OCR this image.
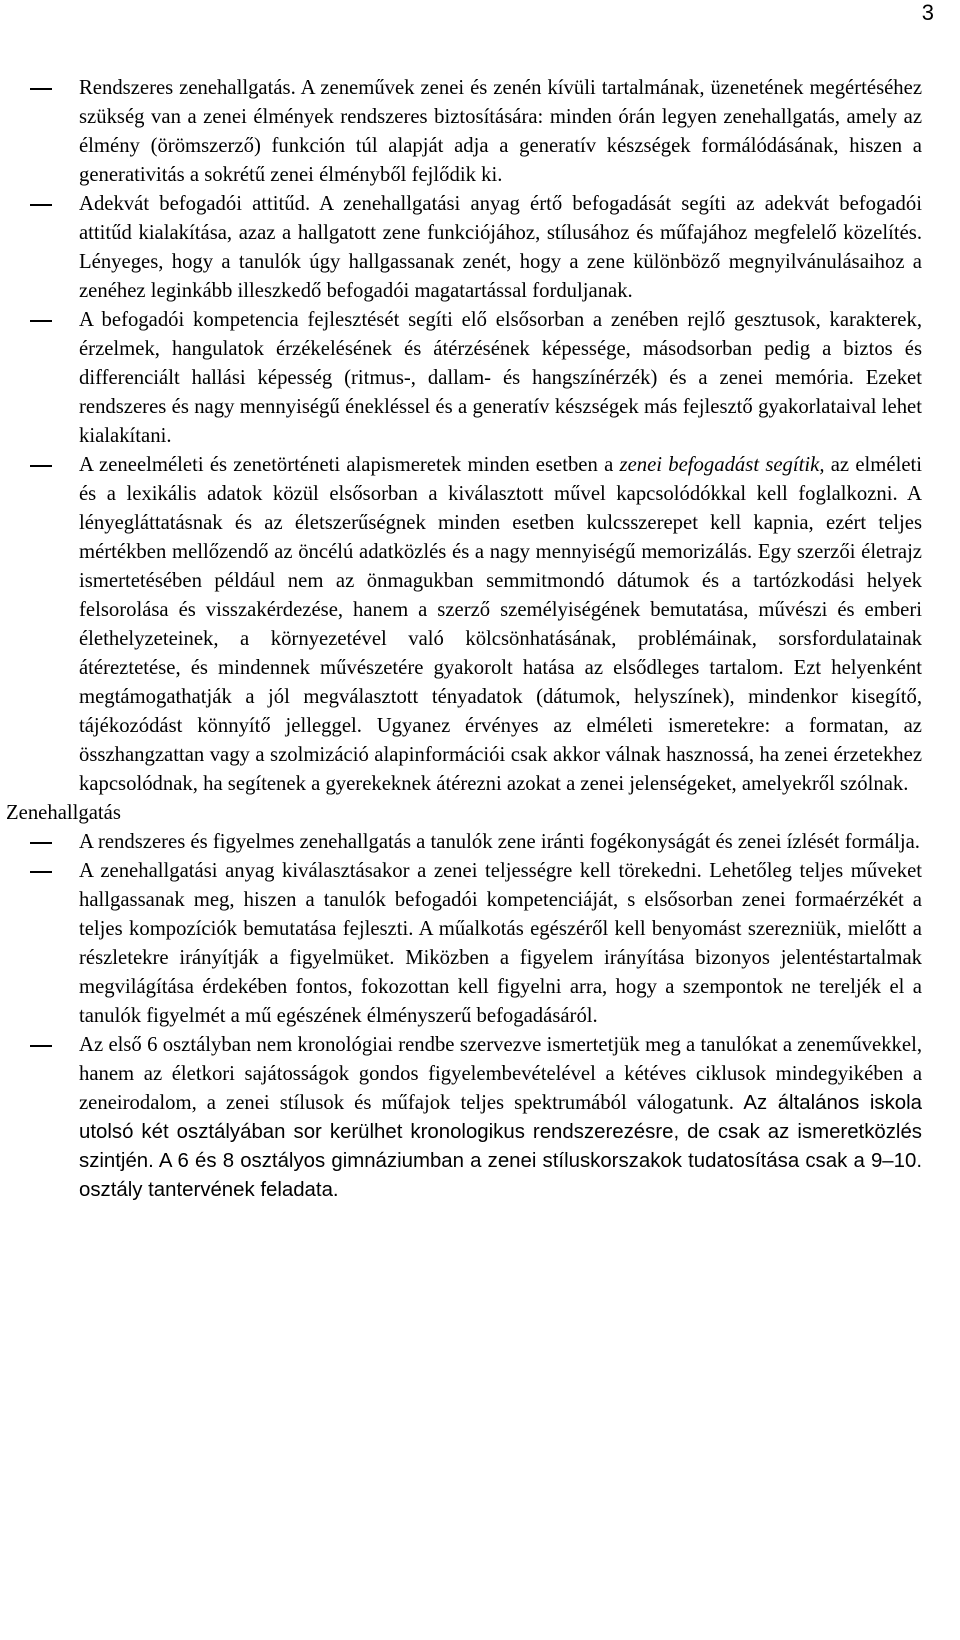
3

Rendszeres zenehallgatás. A zeneművek zenei és zenén kívüli tartalmának, üzenetének megértéséhez szükség van a zenei élmények rendszeres biztosítására: minden órán legyen zenehallgatás, amely az élmény (örömszerző) funkción túl alapját adja a generatív készségek formálódásának, hiszen a generativitás a sokrétű zenei élményből fejlődik ki.

Adekvát befogadói attitűd. A zenehallgatási anyag értő befogadását segíti az adekvát befogadói attitűd kialakítása, azaz a hallgatott zene funkciójához, stílusához és műfajához megfelelő közelítés. Lényeges, hogy a tanulók úgy hallgassanak zenét, hogy a zene különböző megnyilvánulásaihoz a zenéhez leginkább illeszkedő befogadói magatartással forduljanak.

A befogadói kompetencia fejlesztését segíti elő elsősorban a zenében rejlő gesztusok, karakterek, érzelmek, hangulatok érzékelésének és átérzésének képessége, másodsorban pedig a biztos és differenciált hallási képesség (ritmus-, dallam- és hangszínérzék) és a zenei memória. Ezeket rendszeres és nagy mennyiségű énekléssel és a generatív készségek más fejlesztő gyakorlataival lehet kialakítani.

A zeneelméleti és zenetörténeti alapismeretek minden esetben a zenei befogadást segítik, az elméleti és a lexikális adatok közül elsősorban a kiválasztott művel kapcsolódókkal kell foglalkozni. A lényegláttatásnak és az életszerűségnek minden esetben kulcsszerepet kell kapnia, ezért teljes mértékben mellőzendő az öncélú adatközlés és a nagy mennyiségű memorizálás. Egy szerzői életrajz ismertetésében például nem az önmagukban semmitmondó dátumok és a tartózkodási helyek felsorolása és visszakérdezése, hanem a szerző személyiségének bemutatása, művészi és emberi élethelyzeteinek, a környezetével való kölcsönhatásának, problémáinak, sorsfordulatainak átéreztetése, és mindennek művészetére gyakorolt hatása az elsődleges tartalom. Ezt helyenként megtámogathatják a jól megválasztott tényadatok (dátumok, helyszínek), mindenkor kisegítő, tájékozódást könnyítő jelleggel. Ugyanez érvényes az elméleti ismeretekre: a formatan, az összhangzattan vagy a szolmizáció alapinformációi csak akkor válnak hasznossá, ha zenei érzetekhez kapcsolódnak, ha segítenek a gyerekeknek átérezni azokat a zenei jelenségeket, amelyekről szólnak.

Zenehallgatás

A rendszeres és figyelmes zenehallgatás a tanulók zene iránti fogékonyságát és zenei ízlését formálja.

A zenehallgatási anyag kiválasztásakor a zenei teljességre kell törekedni. Lehetőleg teljes műveket hallgassanak meg, hiszen a tanulók befogadói kompetenciáját, s elsősorban zenei formaérzékét a teljes kompozíciók bemutatása fejleszti. A műalkotás egészéről kell benyomást szerezniük, mielőtt a részletekre irányítják a figyelmüket. Miközben a figyelem irányítása bizonyos jelentéstartalmak megvilágítása érdekében fontos, fokozottan kell figyelni arra, hogy a szempontok ne tereljék el a tanulók figyelmét a mű egészének élményszerű befogadásáról.

Az első 6 osztályban nem kronológiai rendbe szervezve ismertetjük meg a tanulókat a zeneművekkel, hanem az életkori sajátosságok gondos figyelembevételével a kétéves ciklusok mindegyikében a zeneirodalom, a zenei stílusok és műfajok teljes spektrumából válogatunk. Az általános iskola utolsó két osztályában sor kerülhet kronologikus rendszerezésre, de csak az ismeretközlés szintjén. A 6 és 8 osztályos gimnáziumban a zenei stíluskorszakok tudatosítása csak a 9–10. osztály tantervének feladata.
